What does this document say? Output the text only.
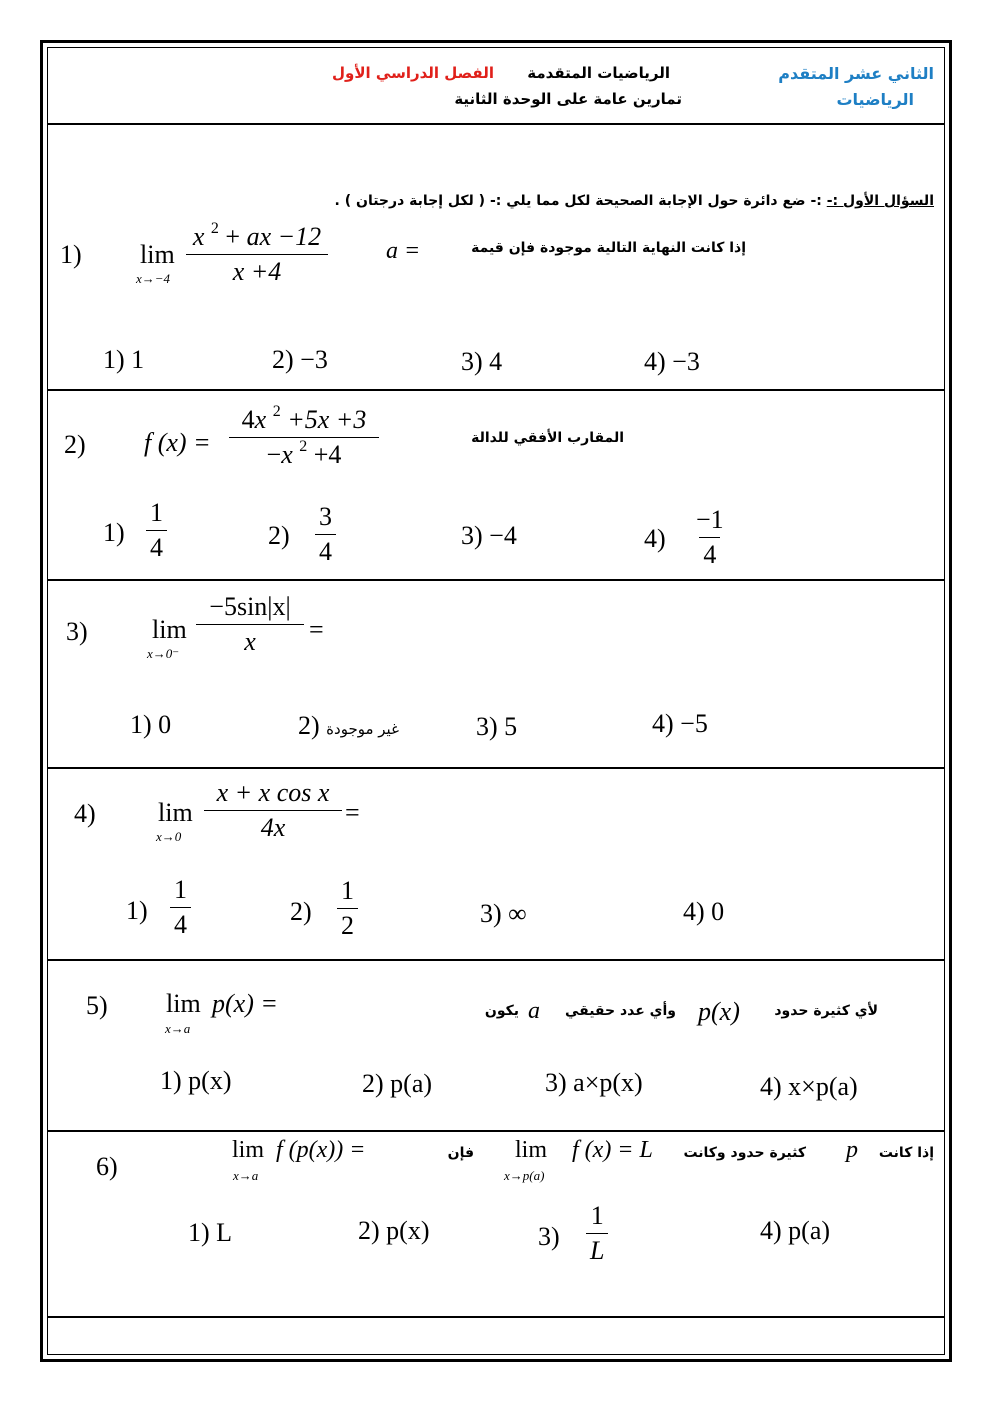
الثاني عشر المتقدم
الرياضيات
الرياضيات المتقدمة
الفصل الدراسي الأول
تمارين عامة على الوحدة الثانية
السؤال الأول :- :- ضع دائرة حول الإجابة الصحيحة لكل مما يلي :- ( لكل إجابة درجتان ) .
1) lim
$x\to-4 \frac{x ^2 + ax -12}{x +4}$ a =	إذا كانت النهاية التالية موجودة فإن قيمة
1) 1	2) −3	3) 4	4) −3
2) f $(x) = \frac{4x ^2 +5x +3}{-x ^2 +4}$	المقارب الأفقي للدالة
$1) \frac{1}{4}$	$2) \frac{3}{4}$	3) −4	$4) \frac{-1}{4}$
3) lim
$x\to 0^- \frac{-5\sin|x|}{x}$ =
1) 0	2) غير موجودة	3) 5	4) −5
4) lim
$x\to 0 \frac{\text{x + x cos x}}{4x}$ =
$1) \frac{1}{4}$	$2) \frac{1}{2}$	3) ∞	4) 0
5) lim
x→a
p(x) =	لأي كثيرة حدود
p(x)
وأي عدد حقيقي
a
يكون
1) p(x)	2) p(a)	3) a×p(x)	4) x×p(a)
6)
lim
x→a
f (p(x)) =	فإن lim
x→p(a)
f (x) = L كثيرة حدود وكانت p إذا كانت
1) L	2) p(x)	$3) \frac{1}{L}$	4) p(a)
